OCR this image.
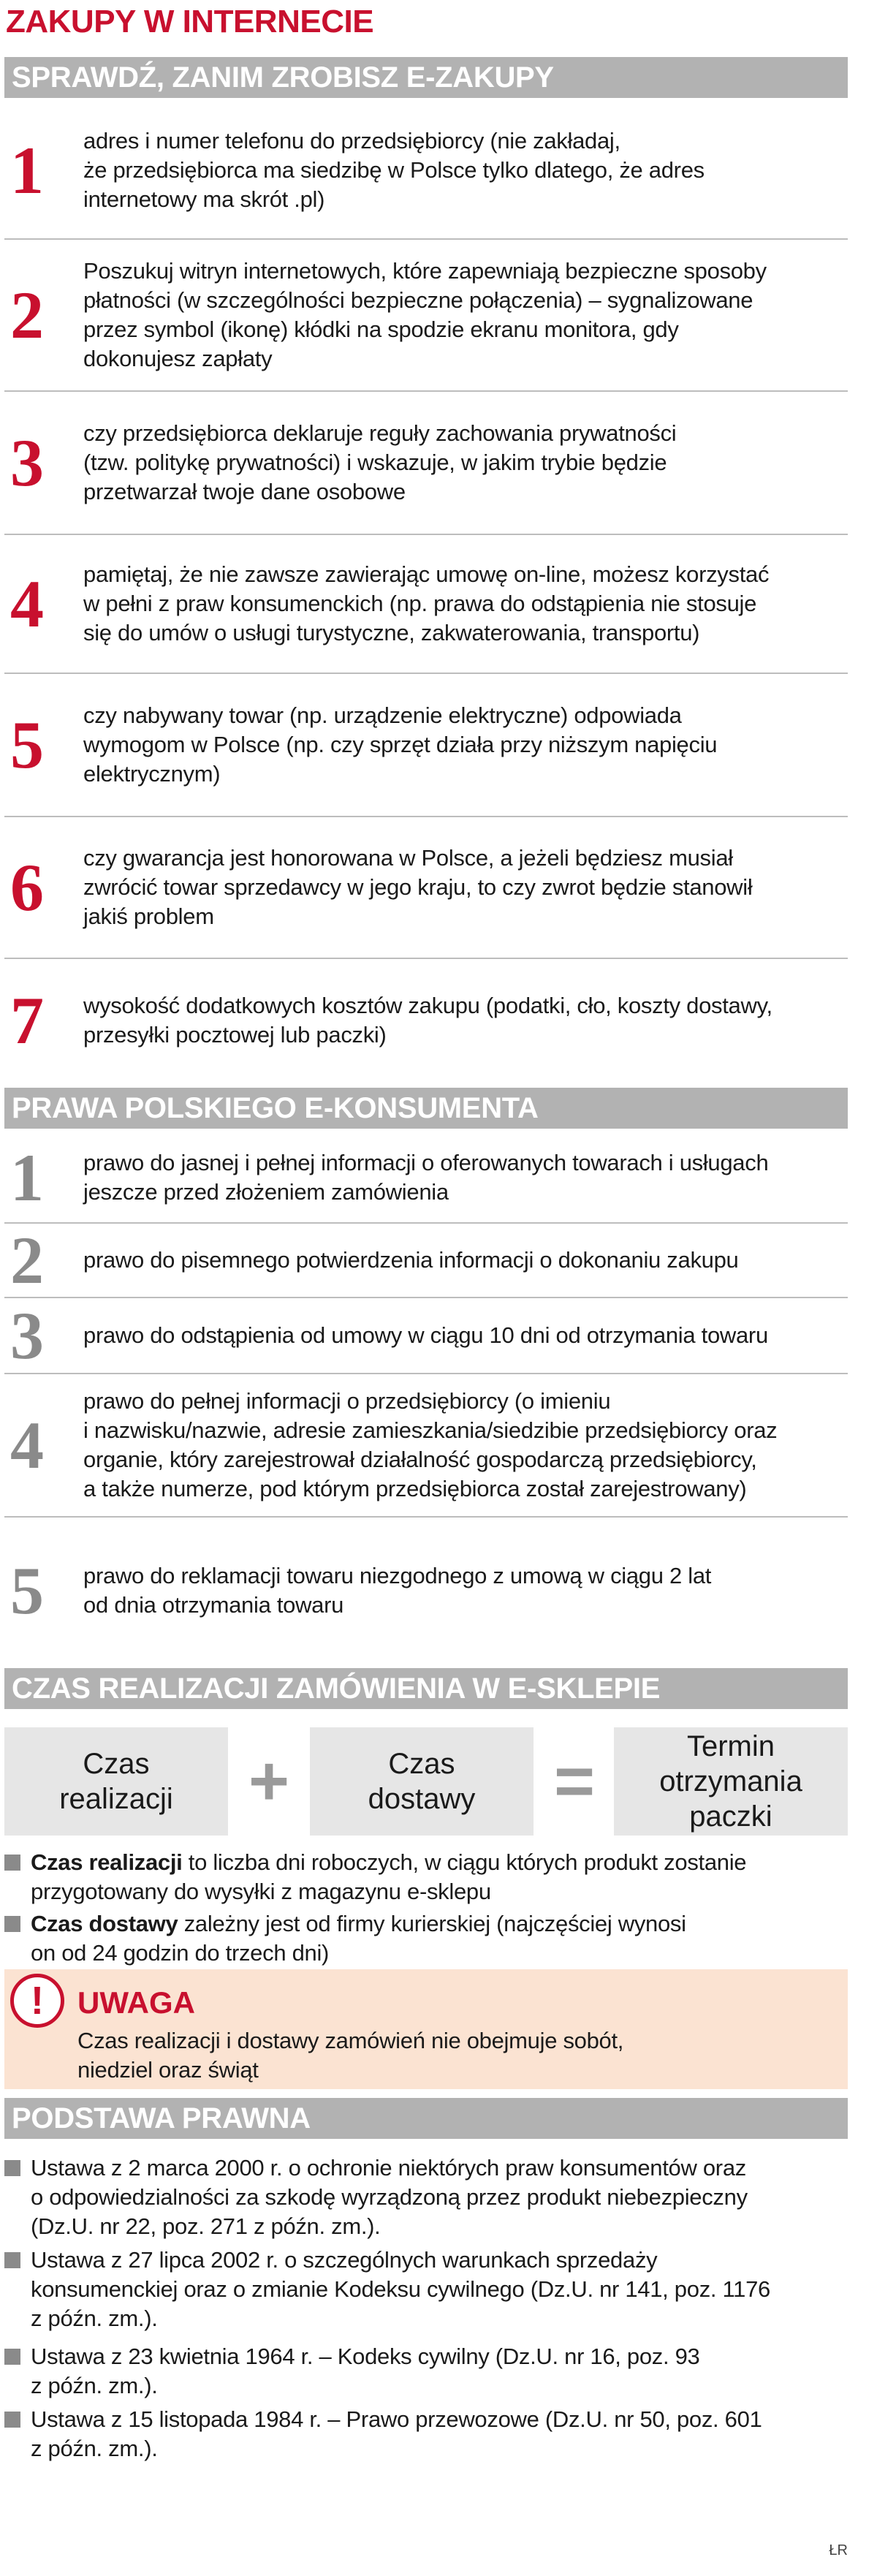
ZAKUPY W INTERNECIE
SPRAWDŹ, ZANIM ZROBISZ E-ZAKUPY
1	adres i numer telefonu do przedsiębiorcy (nie zakładaj,
że przedsiębiorca ma siedzibę w Polsce tylko dlatego, że adres
internetowy ma skrót .pl)
2
Poszukuj witryn internetowych, które zapewniają bezpieczne sposoby
płatności (w szczególności bezpieczne połączenia) – sygnalizowane
przez symbol (ikonę) kłódki na spodzie ekranu monitora, gdy
dokonujesz zapłaty
3	czy przedsiębiorca deklaruje reguły zachowania prywatności
(tzw. politykę prywatności) i wskazuje, w jakim trybie będzie
przetwarzał twoje dane osobowe
4	pamiętaj, że nie zawsze zawierając umowę on-line, możesz korzystać
w pełni z praw konsumenckich (np. prawa do odstąpienia nie stosuje
się do umów o usługi turystyczne, zakwaterowania, transportu)
5	czy nabywany towar (np. urządzenie elektryczne) odpowiada
wymogom w Polsce (np. czy sprzęt działa przy niższym napięciu
elektrycznym)
6	czy gwarancja jest honorowana w Polsce, a jeżeli będziesz musiał
zwrócić towar sprzedawcy w jego kraju, to czy zwrot będzie stanowił
jakiś problem
7	wysokość dodatkowych kosztów zakupu (podatki, cło, koszty dostawy,
przesyłki pocztowej lub paczki)
PRAWA POLSKIEGO E-KONSUMENTA
1	prawo do jasnej i pełnej informacji o oferowanych towarach i usługach
jeszcze przed złożeniem zamówienia
2	prawo do pisemnego potwierdzenia informacji o dokonaniu zakupu
3	prawo do odstąpienia od umowy w ciągu 10 dni od otrzymania towaru
4
prawo do pełnej informacji o przedsiębiorcy (o imieniu
i nazwisku/nazwie, adresie zamieszkania/siedzibie przedsiębiorcy oraz
organie, który zarejestrował działalność gospodarczą przedsiębiorcy,
a także numerze, pod którym przedsiębiorca został zarejestrowany)
5	prawo do reklamacji towaru niezgodnego z umową w ciągu 2 lat
od dnia otrzymania towaru
CZAS REALIZACJI ZAMÓWIENIA W E-SKLEPIE
Czas
realizacji +	Czas
dostawy =	Termin
otrzymania paczki
Czas realizacji to liczba dni roboczych, w ciągu których produkt zostanie
przygotowany do wysyłki z magazynu e-sklepu
Czas dostawy zależny jest od firmy kurierskiej (najczęściej wynosi
on od 24 godzin do trzech dni)
!	UWAGA
Czas realizacji i dostawy zamówień nie obejmuje sobót,
niedziel oraz świąt
PODSTAWA PRAWNA
Ustawa z 2 marca 2000 r. o ochronie niektórych praw konsumentów oraz
o odpowiedzialności za szkodę wyrządzoną przez produkt niebezpieczny
(Dz.U. nr 22, poz. 271 z późn. zm.).
Ustawa z 27 lipca 2002 r. o szczególnych warunkach sprzedaży
konsumenckiej oraz o zmianie Kodeksu cywilnego (Dz.U. nr 141, poz. 1176
z późn. zm.).
Ustawa z 23 kwietnia 1964 r. – Kodeks cywilny (Dz.U. nr 16, poz. 93
z późn. zm.).
Ustawa z 15 listopada 1984 r. – Prawo przewozowe (Dz.U. nr 50, poz. 601
z późn. zm.).
ŁR
